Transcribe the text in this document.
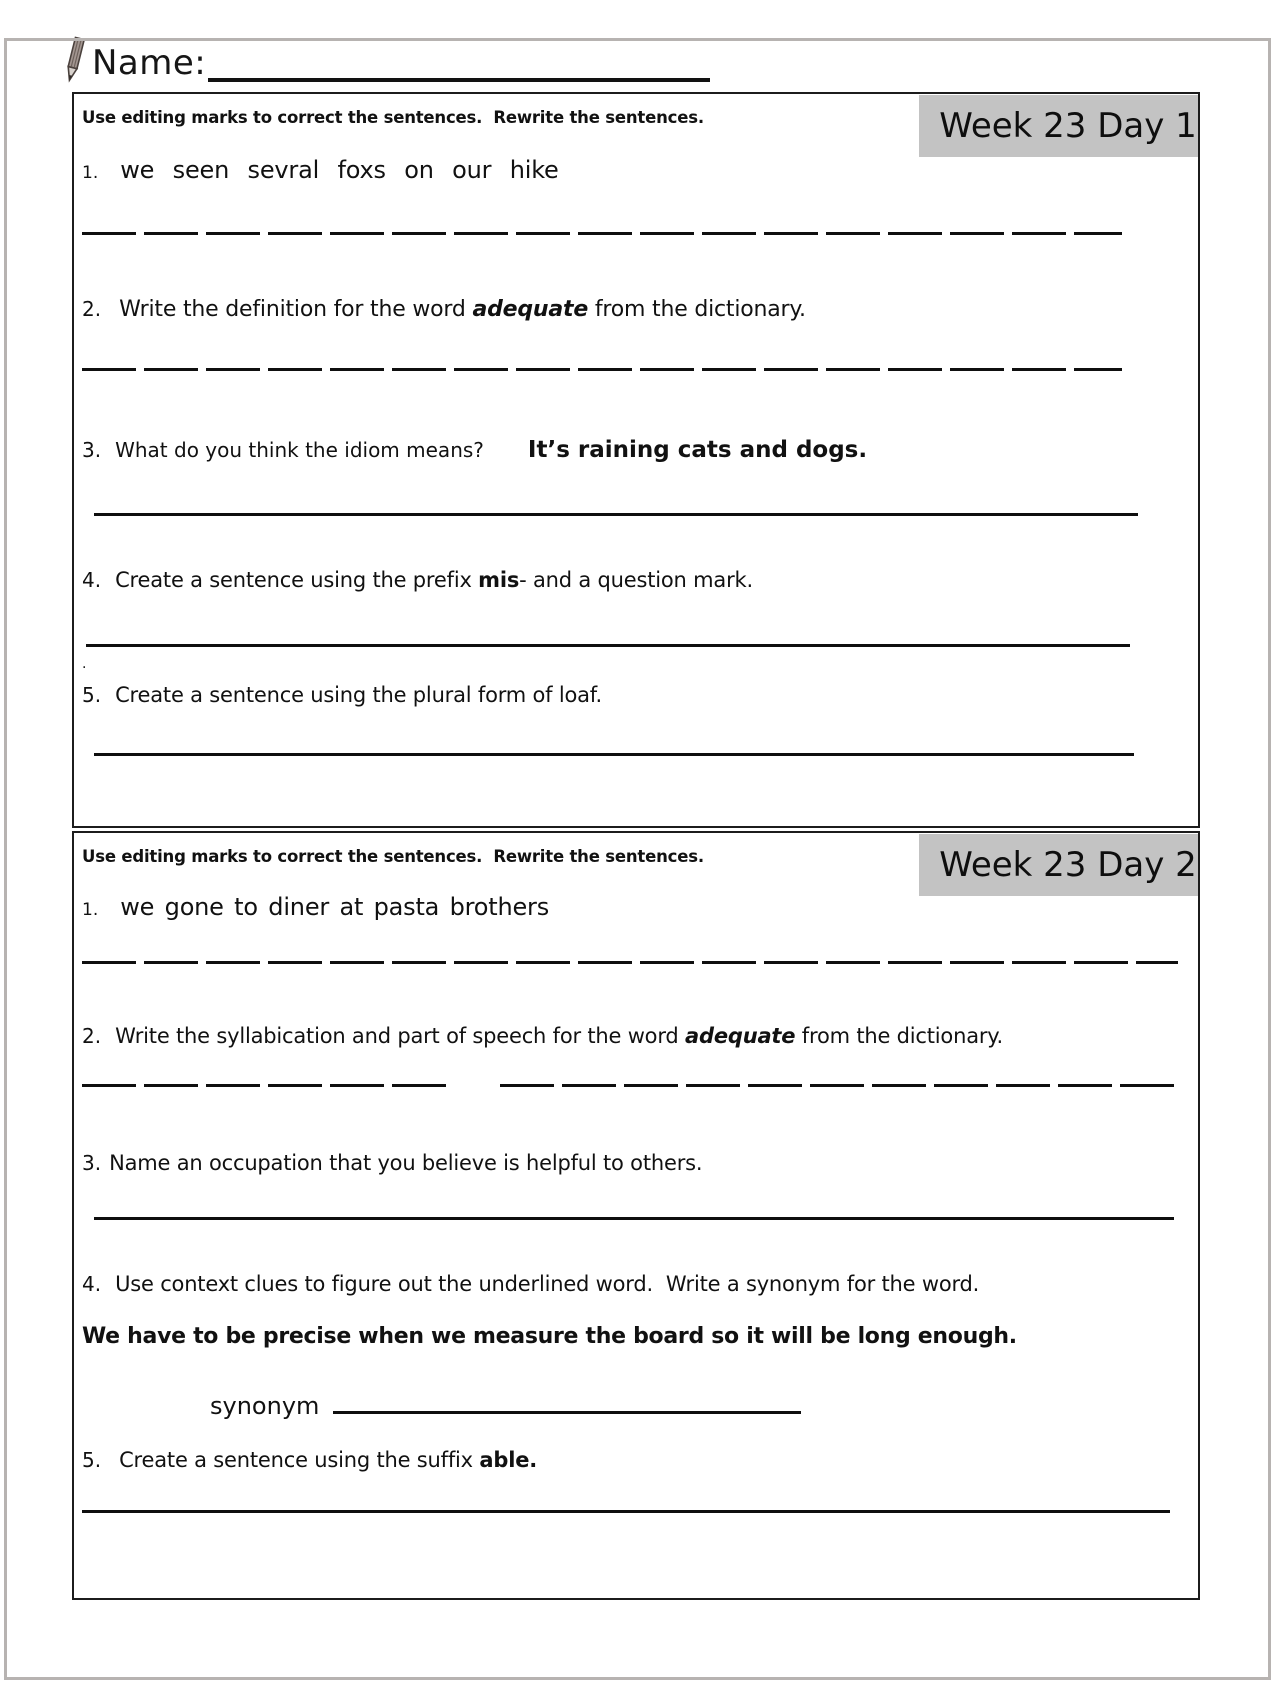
Name:
Week 23 Day 1
Use editing marks to correct the sentences.  Rewrite the sentences.
1. we seen sevral foxs on our hike
2. Write the definition for the word adequate from the dictionary.
3. What do you think the idiom means? It’s raining cats and dogs.
4. Create a sentence using the prefix mis- and a question mark.
.
5. Create a sentence using the plural form of loaf.
Week 23 Day 2
Use editing marks to correct the sentences.  Rewrite the sentences.
1. we gone to diner at pasta brothers
2. Write the syllabication and part of speech for the word adequate from the dictionary.
3. Name an occupation that you believe is helpful to others.
4. Use context clues to figure out the underlined word.  Write a synonym for the word.
We have to be precise when we measure the board so it will be long enough.
synonym
5. Create a sentence using the suffix able.
